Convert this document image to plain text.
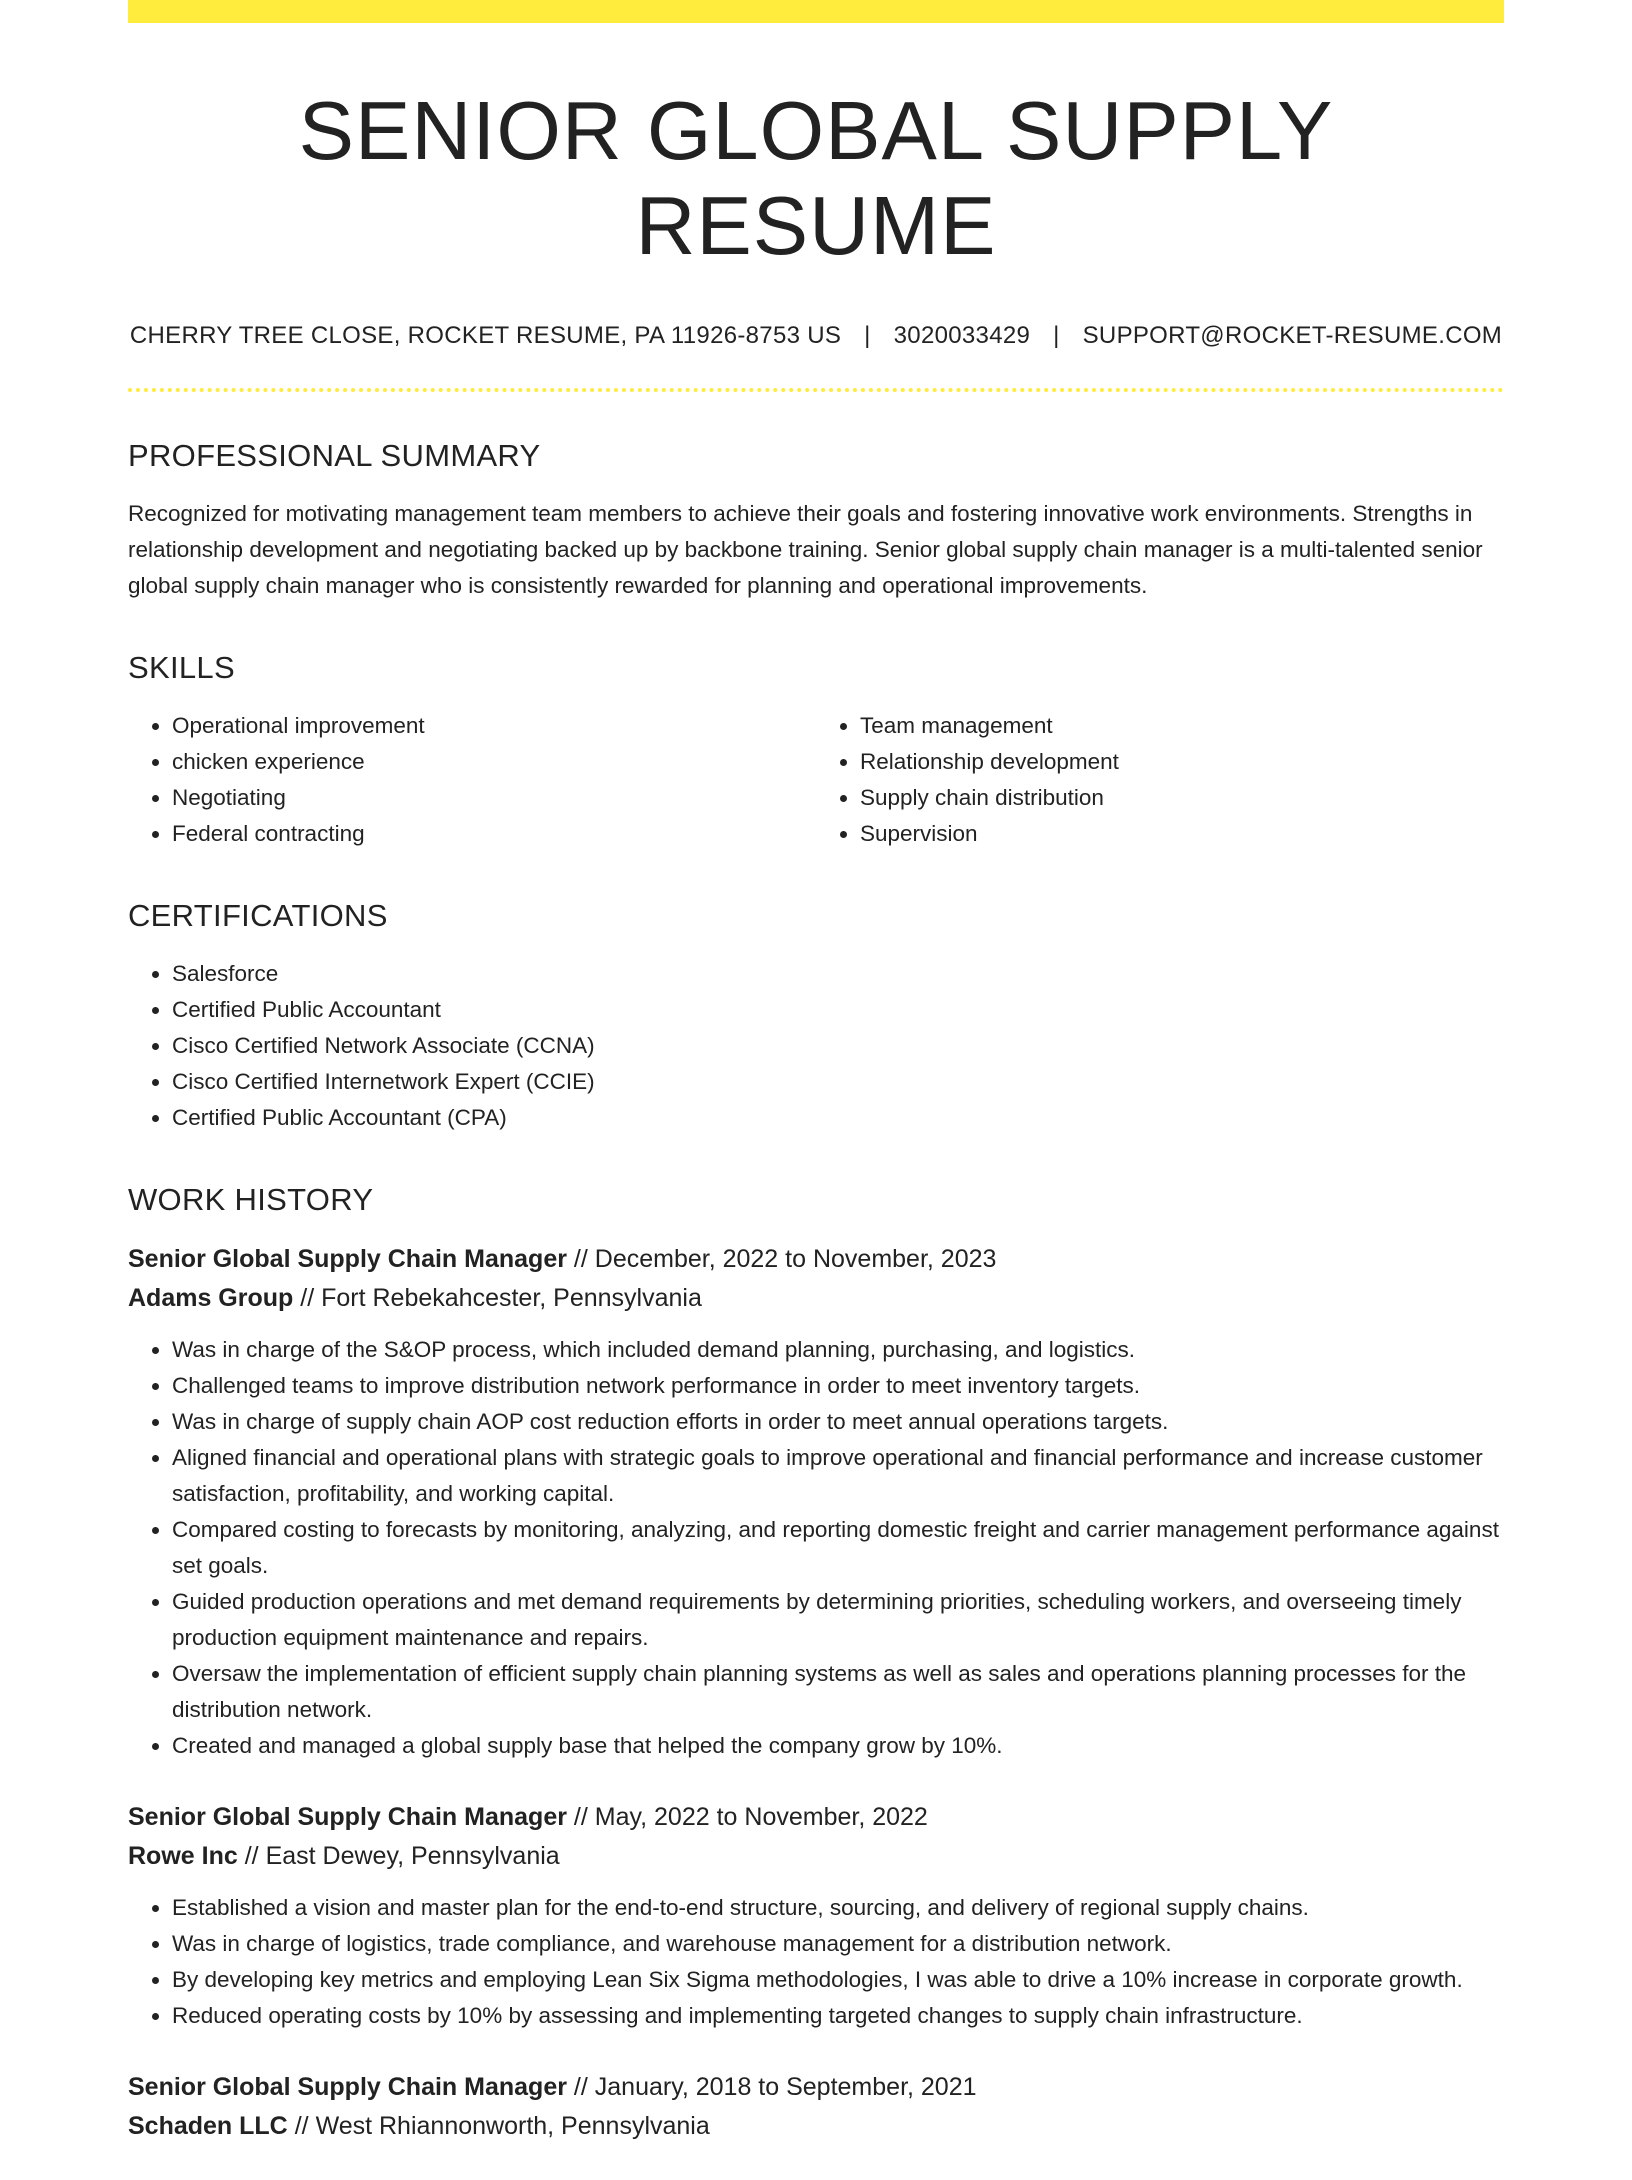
SENIOR GLOBAL SUPPLY RESUME
CHERRY TREE CLOSE, ROCKET RESUME, PA 11926-8753 US | 3020033429 | SUPPORT@ROCKET-RESUME.COM
PROFESSIONAL SUMMARY

Recognized for motivating management team members to achieve their goals and fostering innovative work environments. Strengths in relationship development and negotiating backed up by backbone training. Senior global supply chain manager is a multi-talented senior global supply chain manager who is consistently rewarded for planning and operational improvements.

SKILLS
• Operational improvement
• chicken experience
• Negotiating
• Federal contracting
• Team management
• Relationship development
• Supply chain distribution
• Supervision
CERTIFICATIONS
• Salesforce
• Certified Public Accountant
• Cisco Certified Network Associate (CCNA)
• Cisco Certified Internetwork Expert (CCIE)
• Certified Public Accountant (CPA)
WORK HISTORY
Senior Global Supply Chain Manager // December, 2022 to November, 2023
Adams Group // Fort Rebekahcester, Pennsylvania
• Was in charge of the S&OP process, which included demand planning, purchasing, and logistics.
• Challenged teams to improve distribution network performance in order to meet inventory targets.
• Was in charge of supply chain AOP cost reduction efforts in order to meet annual operations targets.
• Aligned financial and operational plans with strategic goals to improve operational and financial performance and increase customer satisfaction, profitability, and working capital.
• Compared costing to forecasts by monitoring, analyzing, and reporting domestic freight and carrier management performance against set goals.
• Guided production operations and met demand requirements by determining priorities, scheduling workers, and overseeing timely production equipment maintenance and repairs.
• Oversaw the implementation of efficient supply chain planning systems as well as sales and operations planning processes for the distribution network.
• Created and managed a global supply base that helped the company grow by 10%.
Senior Global Supply Chain Manager // May, 2022 to November, 2022
Rowe Inc // East Dewey, Pennsylvania
• Established a vision and master plan for the end-to-end structure, sourcing, and delivery of regional supply chains.
• Was in charge of logistics, trade compliance, and warehouse management for a distribution network.
• By developing key metrics and employing Lean Six Sigma methodologies, I was able to drive a 10% increase in corporate growth.
• Reduced operating costs by 10% by assessing and implementing targeted changes to supply chain infrastructure.
Senior Global Supply Chain Manager // January, 2018 to September, 2021
Schaden LLC // West Rhiannonworth, Pennsylvania
